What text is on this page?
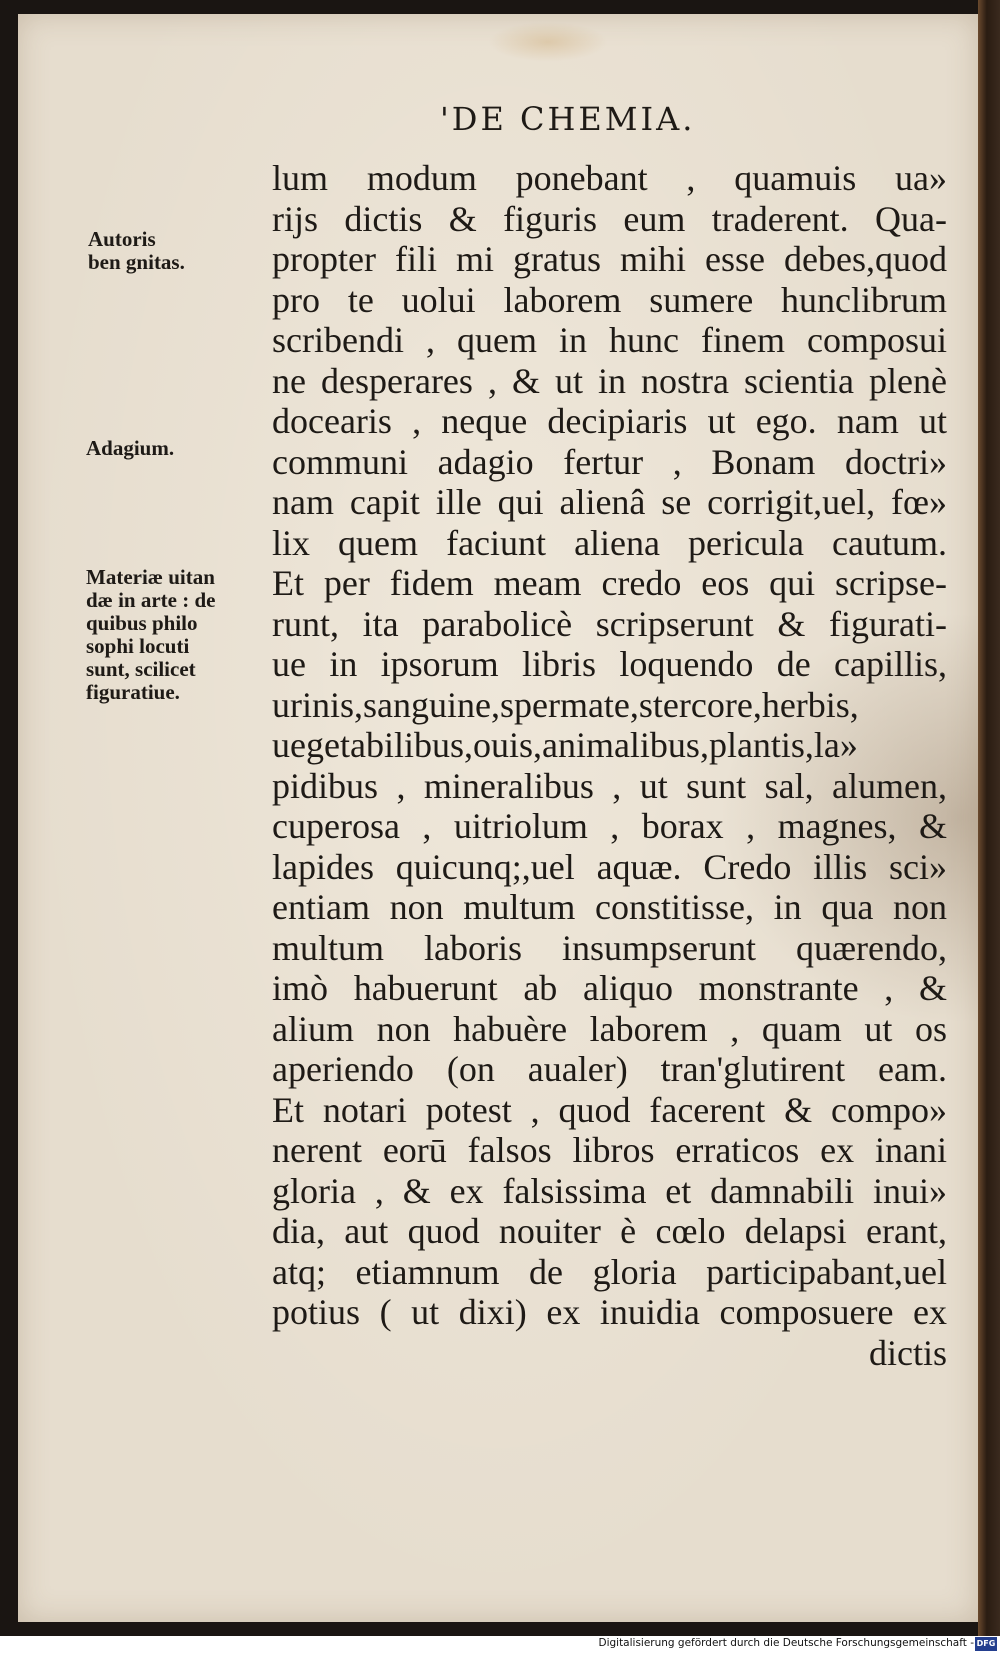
'DE CHEMIA.
Autoris
ben gnitas.
Adagium.
Materiæ uitan
dæ in arte : de
quibus philo
sophi locuti
sunt, scilicet
figuratiue.
lum modum ponebant , quamuis ua»
rijs dictis & figuris eum traderent. Qua-
propter fili mi gratus mihi esse debes,quod
pro te uolui laborem sumere hunclibrum
scribendi , quem in hunc finem composui
ne desperares , & ut in nostra scientia plenè
docearis , neque decipiaris ut ego. nam ut
communi adagio fertur , Bonam doctri»
nam capit ille qui alienâ se corrigit,uel, fœ»
lix quem faciunt aliena pericula cautum.
Et per fidem meam credo eos qui scripse-
runt, ita parabolicè scripserunt & figurati-
ue in ipsorum libris loquendo de capillis,
urinis,sanguine,spermate,stercore,herbis,
uegetabilibus,ouis,animalibus,plantis,la»
pidibus , mineralibus , ut sunt sal, alumen,
cuperosa , uitriolum , borax , magnes, &
lapides quicunq;,uel aquæ. Credo illis sci»
entiam non multum constitisse, in qua non
multum laboris insumpserunt quærendo,
imò habuerunt ab aliquo monstrante , &
alium non habuère laborem , quam ut os
aperiendo (on aualer) tran'glutirent eam.
Et notari potest , quod facerent & compo»
nerent eorū falsos libros erraticos ex inani
gloria , & ex falsissima et damnabili inui»
dia, aut quod nouiter è cœlo delapsi erant,
atq; etiamnum de gloria participabant,uel
potius ( ut dixi) ex inuidia composuere ex
dictis
Digitalisierung gefördert durch die Deutsche Forschungsgemeinschaft - DFG
